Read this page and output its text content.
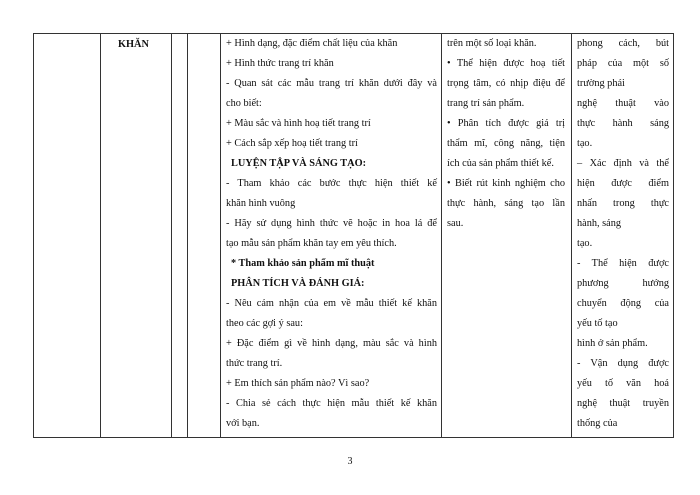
	KHĂN			+ Hình dạng, đặc điểm chất liệu của khăn
+ Hình thức trang trí khăn
- Quan sát các mẫu trang trí khăn dưới đây và
cho biết:
+ Màu sắc và hình hoạ tiết trang trí
+ Cách sắp xếp hoạ tiết trang trí
LUYỆN TẬP VÀ SÁNG TẠO:
- Tham khảo các bước thực hiện thiết kế
khăn hình vuông
- Hãy sử dụng hình thức vẽ hoặc in hoa lá để
tạo mẫu sản phẩm khăn tay em yêu thích.
* Tham khảo sản phẩm mĩ thuật
PHÂN TÍCH VÀ ĐÁNH GIÁ:
- Nêu cảm nhận của em về mẫu thiết kế khăn
theo các gợi ý sau:
+ Đặc điểm gì về hình dạng, màu sắc và hình
thức trang trí.
+ Em thích sản phẩm nào? Vì sao?
- Chia sẻ cách thực hiện mẫu thiết kế khăn
với bạn.

trên một số loại khăn.
• Thể hiện được hoạ tiết
trọng tâm, có nhịp điệu để
trang trí sản phẩm.
• Phân tích được giá trị
thẩm mĩ, công năng, tiện
ích của sản phẩm thiết kế.
• Biết rút kinh nghiệm cho
thực hành, sáng tạo lần
sau.

phong cách, bút
pháp của một số
trường phái
nghệ thuật vào
thực hành sáng
tạo.
– Xác định và thể
hiện được điểm
nhấn trong thực
hành, sáng
tạo.
- Thể hiện được
phương hướng
chuyển động của
yếu tố tạo
hình ở sản phẩm.
- Vận dụng được
yếu tố văn hoá
nghệ thuật truyền
thống của
3
